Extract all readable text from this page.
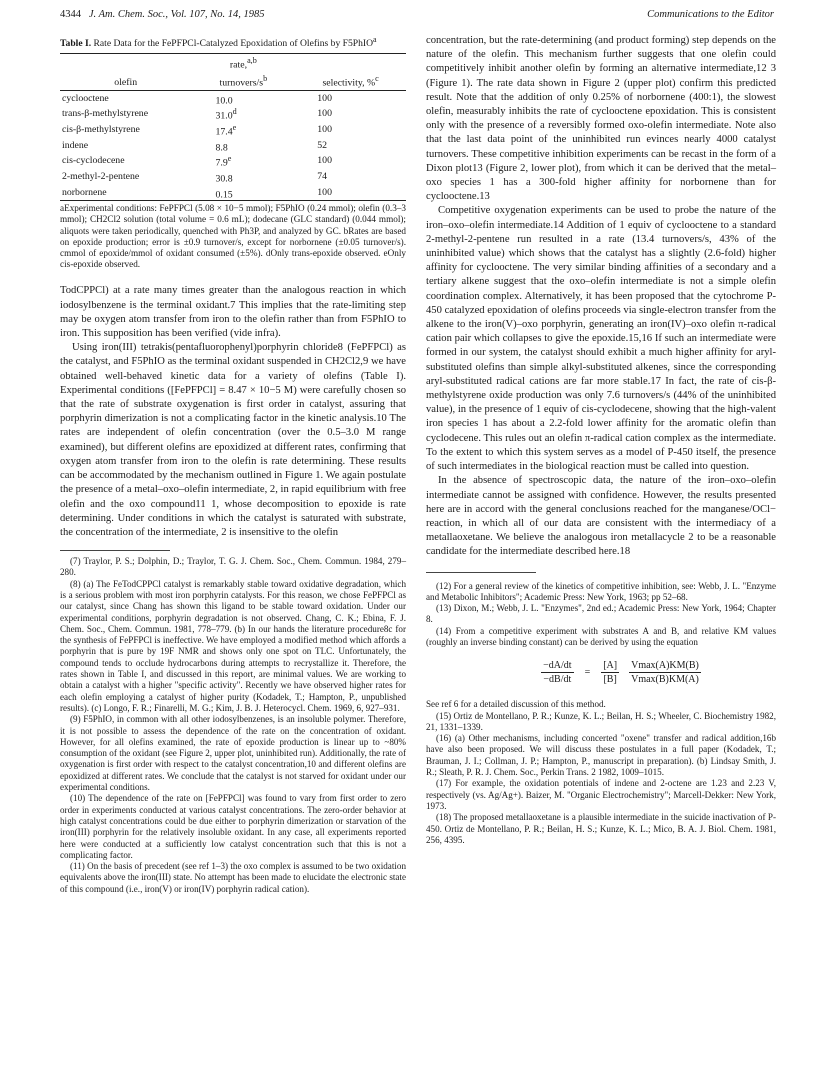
4344 J. Am. Chem. Soc., Vol. 107, No. 14, 1985	Communications to the Editor
Table I. Rate Data for the FePFPCl-Catalyzed Epoxidation of Olefins by F5PhIO$^a$
	rate,$^{a,b}$	
olefin	turnovers/$s^b$	selectivity, %$^c$
cyclooctene	10.0	100
trans-β-methylstyrene	31.0$^d$	100
cis-β-methylstyrene	17.4e	100
indene	8.8	52
cis-cyclodecene	7.9e	100
2-methyl-2-pentene	30.8	74
norbornene	0.15	100
aExperimental conditions: FePFPCl (5.08 × 10−5 mmol); F5PhIO (0.24 mmol); olefin (0.3–3 mmol); CH2Cl2 solution (total volume = 0.6 mL); dodecane (GLC standard) (0.044 mmol); aliquots were taken periodically, quenched with Ph3P, and analyzed by GC. bRates are based on epoxide production; error is ±0.9 turnover/s, except for norbornene (±0.05 turnover/s). cmmol of epoxide/mmol of oxidant consumed (±5%). dOnly trans-epoxide observed. eOnly cis-epoxide observed.

TodCPPCl) at a rate many times greater than the analogous reaction in which iodosylbenzene is the terminal oxidant.7 This implies that the rate-limiting step may be oxygen atom transfer from iron to the olefin rather than from F5PhIO to iron. This supposition has been verified (vide infra).

Using iron(III) tetrakis(pentafluorophenyl)porphyrin chloride8 (FePFPCl) as the catalyst, and F5PhIO as the terminal oxidant suspended in CH2Cl2,9 we have obtained well-behaved kinetic data for a variety of olefins (Table I). Experimental conditions ([FePFPCl] = 8.47 × 10−5 M) were carefully chosen so that the rate of substrate oxygenation is first order in catalyst, assuring that porphyrin dimerization is not a complicating factor in the kinetic analysis.10 The rates are independent of olefin concentration (over the 0.5–3.0 M range examined), but different olefins are epoxidized at different rates, confirming that oxygen atom transfer from iron to the olefin is rate determining. These results can be accommodated by the mechanism outlined in Figure 1. We again postulate the presence of a metal–oxo–olefin intermediate, 2, in rapid equilibrium with free olefin and the oxo compound11 1, whose decomposition to epoxide is rate determining. Under conditions in which the catalyst is saturated with substrate, the concentration of the intermediate, 2 is insensitive to the olefin

(7) Traylor, P. S.; Dolphin, D.; Traylor, T. G. J. Chem. Soc., Chem. Commun. 1984, 279–280.
(8) (a) The FeTodCPPCl catalyst is remarkably stable toward oxidative degradation, which is a serious problem with most iron porphyrin catalysts. For this reason, we chose FePFPCl as our catalyst, since Chang has shown this ligand to be stable toward oxidation. Under our experimental conditions, porphyrin degradation is not observed. Chang, C. K.; Ebina, F. J. Chem. Soc., Chem. Commun. 1981, 778–779. (b) In our hands the literature procedure8c for the synthesis of FePFPCl is ineffective. We have employed a modified method which affords a porphyrin that is pure by 19F NMR and shows only one spot on TLC. Unfortunately, the compound tends to occlude hydrocarbons during attempts to recrystallize it. Therefore, the rates shown in Table I, and discussed in this report, are minimal values. We are working to obtain a catalyst with a higher "specific activity". Recently we have observed higher rates for each olefin employing a catalyst of higher purity (Kodadek, T.; Hampton, P., unpublished results). (c) Longo, F. R.; Finarelli, M. G.; Kim, J. B. J. Heterocycl. Chem. 1969, 6, 927–931.
(9) F5PhIO, in common with all other iodosylbenzenes, is an insoluble polymer. Therefore, it is not possible to assess the dependence of the rate on the concentration of oxidant. However, for all olefins examined, the rate of epoxide production is linear up to ~80% consumption of the oxidant (see Figure 2, upper plot, uninhibited run). Additionally, the rate of oxygenation is first order with respect to the catalyst concentration,10 and different olefins are epoxidized at different rates. We conclude that the catalyst is not starved for oxidant under our experimental conditions.
(10) The dependence of the rate on [FePFPCl] was found to vary from first order to zero order in experiments conducted at various catalyst concentrations. The zero-order behavior at high catalyst concentrations could be due either to porphyrin dimerization or starvation of the iron(III) porphyrin for the relatively insoluble oxidant. In any case, all experiments reported here were conducted at a sufficiently low catalyst concentration such that this is not a complicating factor.
(11) On the basis of precedent (see ref 1–3) the oxo complex is assumed to be two oxidation equivalents above the iron(III) state. No attempt has been made to elucidate the electronic state of this compound (i.e., iron(V) or iron(IV) porphyrin radical cation).

concentration, but the rate-determining (and product forming) step depends on the nature of the olefin. This mechanism further suggests that one olefin could competitively inhibit another olefin by forming an alternative intermediate,12 3 (Figure 1). The rate data shown in Figure 2 (upper plot) confirm this predicted result. Note that the addition of only 0.25% of norbornene (400:1), the slowest olefin, measurably inhibits the rate of cyclooctene epoxidation. This is consistent only with the presence of a reversibly formed oxo-olefin intermediate. Note also that the last data point of the uninhibited run evinces nearly 4000 catalyst turnovers. These competitive inhibition experiments can be recast in the form of a Dixon plot13 (Figure 2, lower plot), from which it can be derived that the metal–oxo species 1 has a 300-fold higher affinity for norbornene than for cyclooctene.13

Competitive oxygenation experiments can be used to probe the nature of the iron–oxo–olefin intermediate.14 Addition of 1 equiv of cyclooctene to a standard 2-methyl-2-pentene run resulted in a rate (13.4 turnovers/s, 43% of the uninhibited value) which shows that the catalyst has a slightly (2.6-fold) higher affinity for cyclooctene. The very similar binding affinities of a secondary and a tertiary alkene suggest that the oxo–olefin intermediate is not a simple olefin coordination complex. Alternatively, it has been proposed that the cytochrome P-450 catalyzed epoxidation of olefins proceeds via single-electron transfer from the alkene to the iron(V)–oxo porphyrin, generating an iron(IV)–oxo olefin π-radical cation pair which collapses to give the epoxide.15,16 If such an intermediate were formed in our system, the catalyst should exhibit a much higher affinity for aryl-substituted olefins than simple alkyl-substituted alkenes, since the corresponding aryl-substituted radical cations are far more stable.17 In fact, the rate of cis-β-methylstyrene oxide production was only 7.6 turnovers/s (44% of the uninhibited value), in the presence of 1 equiv of cis-cyclodecene, showing that the high-valent iron species 1 has about a 2.2-fold lower affinity for the aromatic olefin than cyclodecene. This rules out an olefin π-radical cation complex as the intermediate. To the extent to which this system serves as a model of P-450 itself, the presence of such intermediates in the biological reaction must be called into question.

In the absence of spectroscopic data, the nature of the iron–oxo–olefin intermediate cannot be assigned with confidence. However, the results presented here are in accord with the general conclusions reached for the manganese/OCl− reaction, in which all of our data are consistent with the intermediacy of a metallaoxetane. We believe the analogous iron metallacycle 2 to be a reasonable candidate for the intermediate described here.18

(12) For a general review of the kinetics of competitive inhibition, see: Webb, J. L. "Enzyme and Metabolic Inhibitors"; Academic Press: New York, 1963; pp 52–68.
(13) Dixon, M.; Webb, J. L. "Enzymes", 2nd ed.; Academic Press: New York, 1964; Chapter 8.
(14) From a competitive experiment with substrates A and B, and relative KM values (roughly an inverse binding constant) can be derived by using the equation
$\frac{-dA/dt}{-dB/dt} = \frac{[A]}{[B]} \frac{Vmax(A)KM(B)}{Vmax(B)KM(A)}$
See ref 6 for a detailed discussion of this method.
(15) Ortiz de Montellano, P. R.; Kunze, K. L.; Beilan, H. S.; Wheeler, C. Biochemistry 1982, 21, 1331–1339.
(16) (a) Other mechanisms, including concerted "oxene" transfer and radical addition,16b have also been proposed. We will discuss these postulates in a full paper (Kodadek, T.; Brauman, J. I.; Collman, J. P.; Hampton, P., manuscript in preparation). (b) Lindsay Smith, J. R.; Sleath, P. R. J. Chem. Soc., Perkin Trans. 2 1982, 1009–1015.
(17) For example, the oxidation potentials of indene and 2-octene are 1.23 and 2.23 V, respectively (vs. Ag/Ag+). Baizer, M. "Organic Electrochemistry"; Marcell-Dekker: New York, 1973.
(18) The proposed metallaoxetane is a plausible intermediate in the suicide inactivation of P-450. Ortiz de Montellano, P. R.; Beilan, H. S.; Kunze, K. L.; Mico, B. A. J. Biol. Chem. 1981, 256, 4395.
